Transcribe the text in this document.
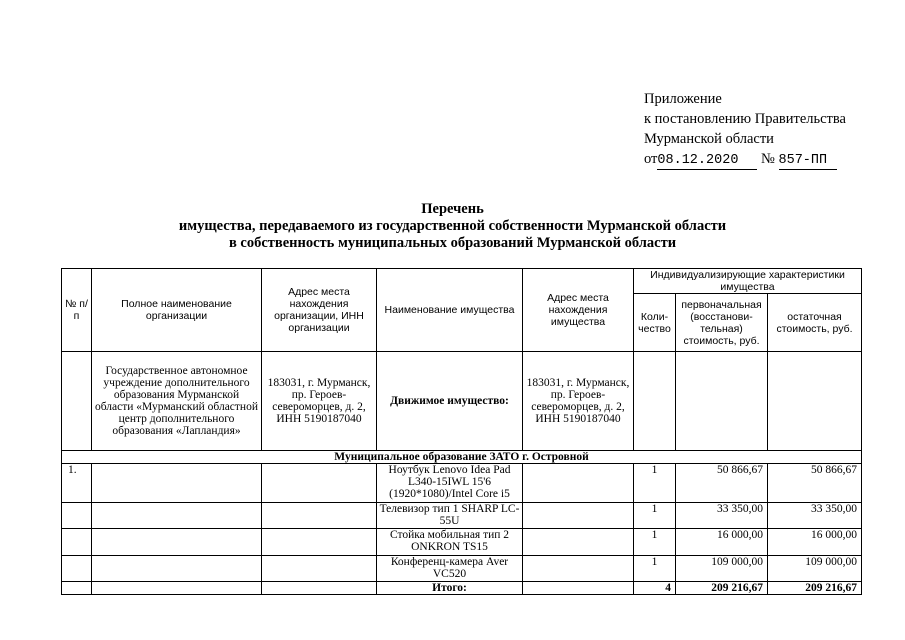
Приложение
к постановлению Правительства
Мурманской области
от08.12.2020 № 857-ПП
Перечень
имущества, передаваемого из государственной собственности Мурманской области
в собственность муниципальных образований Мурманской области
№ п/п	Полное наименование организации	Адрес места нахождения организации, ИНН организации	Наименование имущества	Адрес места нахождения имущества	Индивидуализирующие характеристики имущества		
					Коли-чество	первоначальная (восстанови-тельная) стоимость, руб.	остаточная стоимость, руб.
	Государственное автономное учреждение дополнительного образования Мурманской области «Мурманский областной центр дополнительного образования «Лапландия»	183031, г. Мурманск, пр. Героев-североморцев, д. 2, ИНН 5190187040	Движимое имущество:	183031, г. Мурманск, пр. Героев-североморцев, д. 2, ИНН 5190187040			
Муниципальное образование ЗАТО г. Островной							
1.			Ноутбук Lenovo Idea Pad L340-15IWL 15'6 (1920*1080)/Intel Core i5		1	50 866,67	50 866,67
			Телевизор тип 1 SHARP LC-55U		1	33 350,00	33 350,00
			Стойка мобильная тип 2 ONKRON TS15		1	16 000,00	16 000,00
			Конференц-камера Aver VC520		1	109 000,00	109 000,00
			Итого:		4	209 216,67	209 216,67
